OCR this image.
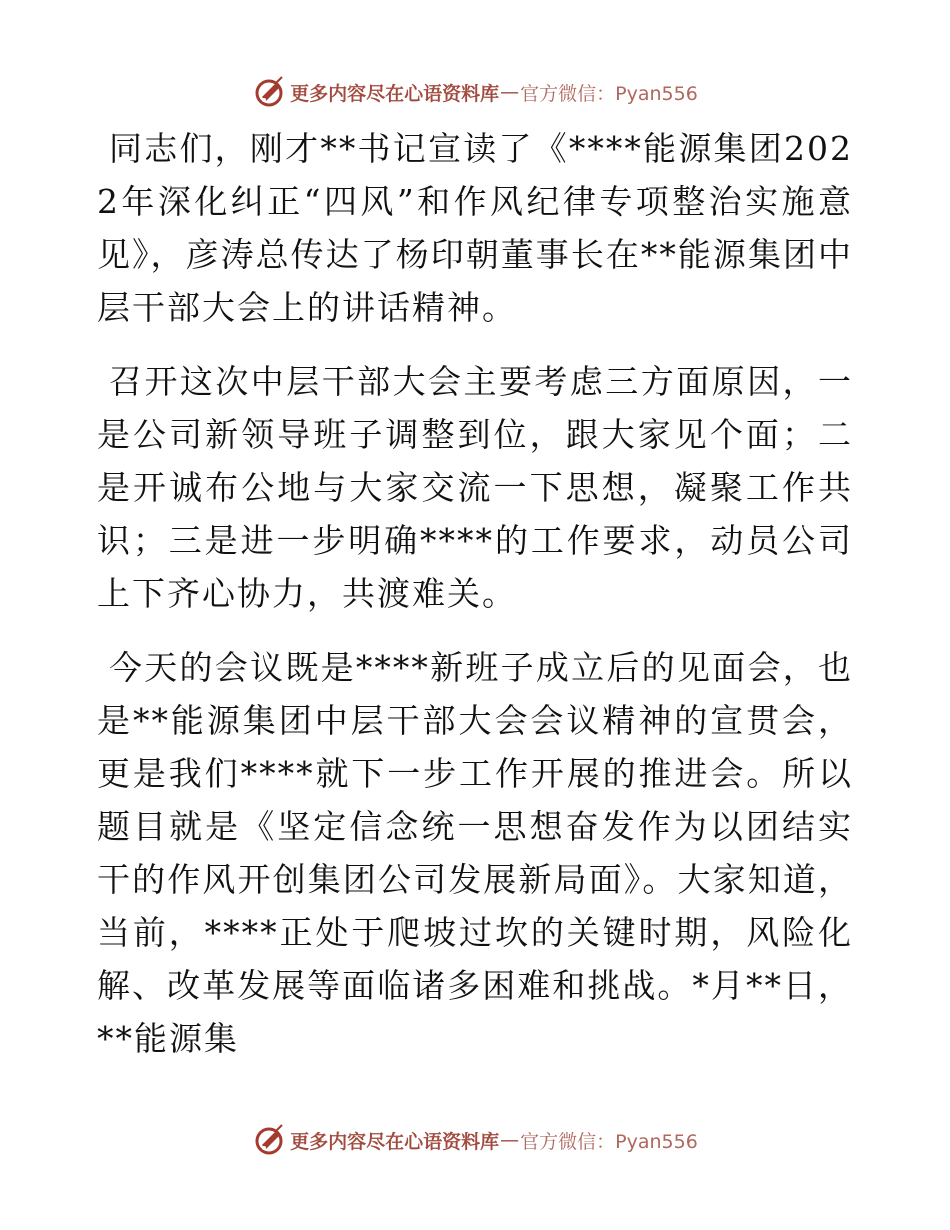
更多内容尽在心语资料库 — 官方微信：Pyan556

同志们，刚才**书记宣读了《****能源集团2022年深化纠正“四风”和作风纪律专项整治实施意见》，彦涛总传达了杨印朝董事长在**能源集团中层干部大会上的讲话精神。

召开这次中层干部大会主要考虑三方面原因，一是公司新领导班子调整到位，跟大家见个面；二是开诚布公地与大家交流一下思想，凝聚工作共识；三是进一步明确****的工作要求，动员公司上下齐心协力，共渡难关。

今天的会议既是****新班子成立后的见面会，也是**能源集团中层干部大会会议精神的宣贯会，更是我们****就下一步工作开展的推进会。所以题目就是《坚定信念统一思想奋发作为以团结实干的作风开创集团公司发展新局面》。大家知道，当前，****正处于爬坡过坎的关键时期，风险化解、改革发展等面临诸多困难和挑战。*月**日，**能源集

更多内容尽在心语资料库 — 官方微信：Pyan556
